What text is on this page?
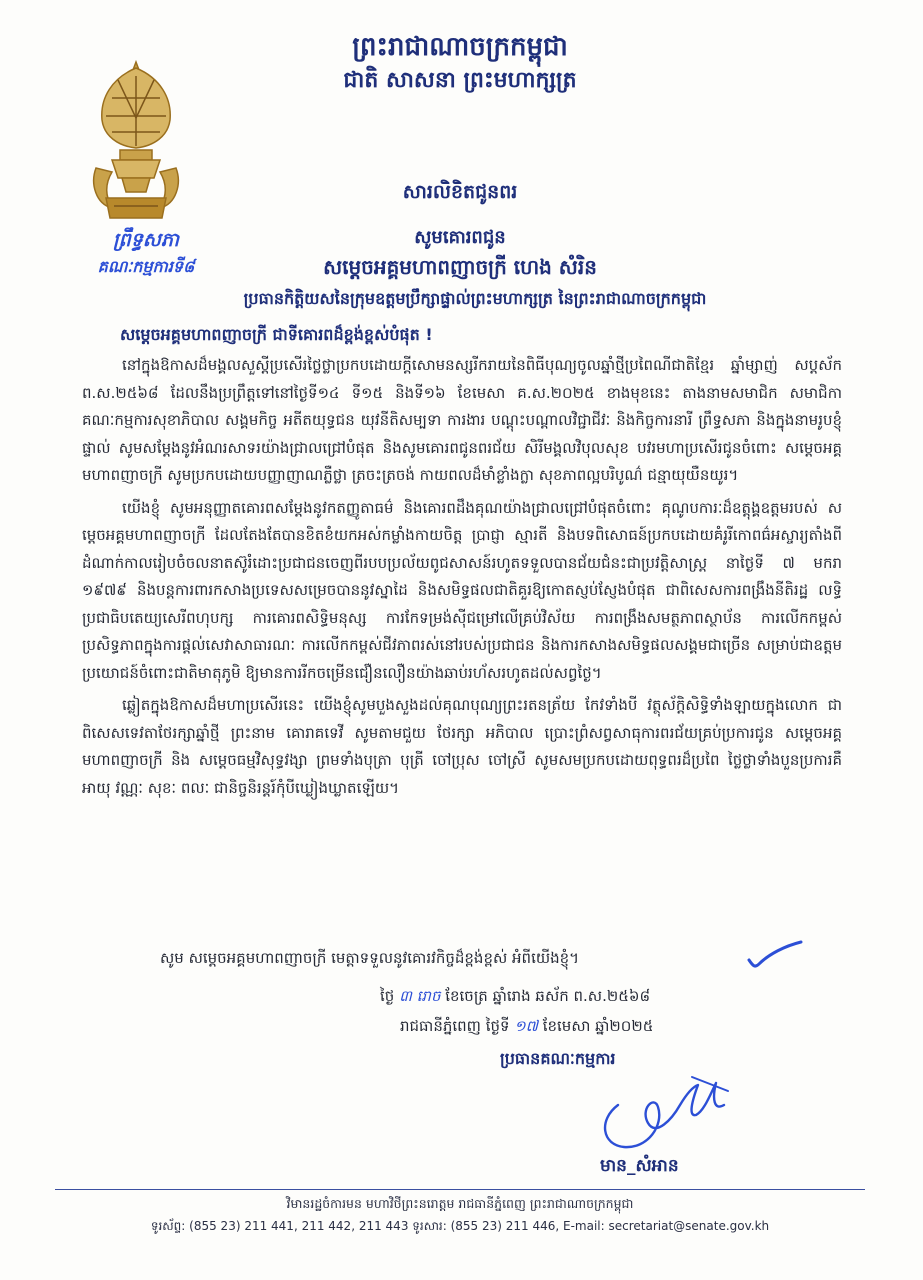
ព្រះរាជាណាចក្រកម្ពុជា
ជាតិ សាសនា ព្រះមហាក្សត្រ
ព្រឹទ្ធសភា
គណៈកម្មការទី៨
សារលិខិតជូនពរ
សូមគោរពជូន
សម្តេចអគ្គមហាពញាចក្រី ហេង សំរិន
ប្រធានកិត្តិយសនៃក្រុមឧត្តមប្រឹក្សាផ្ទាល់ព្រះមហាក្សត្រ នៃព្រះរាជាណាចក្រកម្ពុជា
សម្តេចអគ្គមហាពញាចក្រី ជាទីគោរពដ៏ខ្ពង់ខ្ពស់បំផុត !

នៅក្នុងឱកាសដ៏មង្គលសួស្តីប្រសើរថ្លៃថ្លាប្រកបដោយក្តីសោមនស្សរីករាយនៃពិធីបុណ្យចូលឆ្នាំថ្មីប្រពៃណីជាតិខ្មែរ ឆ្នាំម្សាញ់ សប្តស័ក ព.ស.២៥៦៨ ដែលនឹងប្រព្រឹត្តទៅនៅថ្ងៃទី១៤ ទី១៥ និងទី១៦ ខែមេសា គ.ស.២០២៥ ខាងមុខនេះ តាងនាមសមាជិក សមាជិកា គណៈកម្មការសុខាភិបាល សង្គមកិច្ច អតីតយុទ្ធជន យុវនីតិសម្បទា ការងារ បណ្តុះបណ្តាលវិជ្ជាជីវៈ និងកិច្ចការនារី ព្រឹទ្ធសភា និងក្នុងនាមរូបខ្ញុំផ្ទាល់ សូមសម្តែងនូវអំណរសាទរយ៉ាងជ្រាលជ្រៅបំផុត និងសូមគោរពជូនពរជ័យ សិរីមង្គលវិបុលសុខ បវរមហាប្រសើរជូនចំពោះ សម្តេចអគ្គមហាពញាចក្រី សូមប្រកបដោយបញ្ញាញាណភ្លឺថ្លា ត្រចះត្រចង់ កាយពលដ៏មាំខ្លាំងក្លា សុខភាពល្អបរិបូណ៌ ជន្មាយុយឺនយូរ។

យើងខ្ញុំ សូមអនុញ្ញាតគោរពសម្តែងនូវកតញ្ញូតាធម៌ និងគោរពដឹងគុណយ៉ាងជ្រាលជ្រៅបំផុតចំពោះ គុណូបការៈដ៏ឧត្តុង្គឧត្តមរបស់ សម្តេចអគ្គមហាពញាចក្រី ដែលតែងតែបានខិតខំយកអស់កម្លាំងកាយចិត្ត ប្រាជ្ញា ស្មារតី និងបទពិសោធន៍ប្រកបដោយគំរូរីកោពធ៌អស្ចារ្យតាំងពីដំណាក់កាលរៀបចំចលនាតស៊ូរំដោះប្រជាជនចេញពីរបបប្រល័យពូជសាសន៍រហូតទទួលបានជ័យជំនះជាប្រវត្តិសាស្ត្រ នាថ្ងៃទី ៧ មករា ១៩៧៩ និងបន្តការពារកសាងប្រទេសសម្រេចបាននូវស្នាដៃ និងសមិទ្ធផលជាតិគួរឱ្យកោតស្ញប់ស្ញែងបំផុត ជាពិសេសការពង្រឹងនីតិរដ្ឋ លទ្ធិប្រជាធិបតេយ្យសេរីពហុបក្ស ការគោរពសិទ្ធិមនុស្ស ការកែទម្រង់ស៊ីជម្រៅលើគ្រប់វិស័យ ការពង្រឹងសមត្ថភាពស្ថាប័ន ការលើកកម្ពស់ប្រសិទ្ធភាពក្នុងការផ្តល់សេវាសាធារណៈ ការលើកកម្ពស់ជីវភាពរស់នៅរបស់ប្រជាជន និងការកសាងសមិទ្ធផលសង្គមជាច្រើន សម្រាប់ជាឧត្តមប្រយោជន៍ចំពោះជាតិមាតុភូមិ ឱ្យមានការរីកចម្រើនជឿនលឿនយ៉ាងឆាប់រហ័សរហូតដល់សព្វថ្ងៃ។

ឆ្លៀតក្នុងឱកាសដ៏មហាប្រសើរនេះ យើងខ្ញុំសូមបួងសួងដល់គុណបុណ្យព្រះរតនត្រ័យ កែវទាំងបី វត្ថុស័ក្តិសិទ្ធិទាំងឡាយក្នុងលោក ជាពិសេសទេវតាថែរក្សាឆ្នាំថ្មី ព្រះនាម គោរាគទេវី សូមតាមជួយ ថែរក្សា អភិបាល ប្រោះព្រំសព្វសាធុការពរជ័យគ្រប់ប្រការជូន សម្តេចអគ្គមហាពញាចក្រី និង សម្តេចធម្មវិសុទ្ធវង្សា ព្រមទាំងបុត្រា បុត្រី ចៅប្រុស ចៅស្រី សូមសមប្រកបដោយពុទ្ធពរដ៏ប្រពៃ ថ្លៃថ្លាទាំងបួនប្រការគឺ អាយុ វណ្ណៈ សុខៈ ពលៈ ជានិច្ចនិរន្តរ៍កុំបីឃ្លៀងឃ្លាតឡើយ។

សូម សម្តេចអគ្គមហាពញាចក្រី មេត្តាទទួលនូវគោរវកិច្ចដ៏ខ្ពង់ខ្ពស់ អំពីយើងខ្ញុំ។
ថ្ងៃ ៣ រោច ខែចេត្រ ឆ្នាំរោង ឆស័ក ព.ស.២៥៦៨
រាជធានីភ្នំពេញ ថ្ងៃទី ១៧ ខែមេសា ឆ្នាំ២០២៥
ប្រធានគណៈកម្មការ
មាន_សំអាន
វិមានរដ្ឋចំការមន មហាវិថីព្រះនរោត្តម រាជធានីភ្នំពេញ ព្រះរាជាណាចក្រកម្ពុជា
ទូរស័ព្ទ: (855 23) 211 441, 211 442, 211 443 ទូរសារ: (855 23) 211 446, E-mail: secretariat@senate.gov.kh
